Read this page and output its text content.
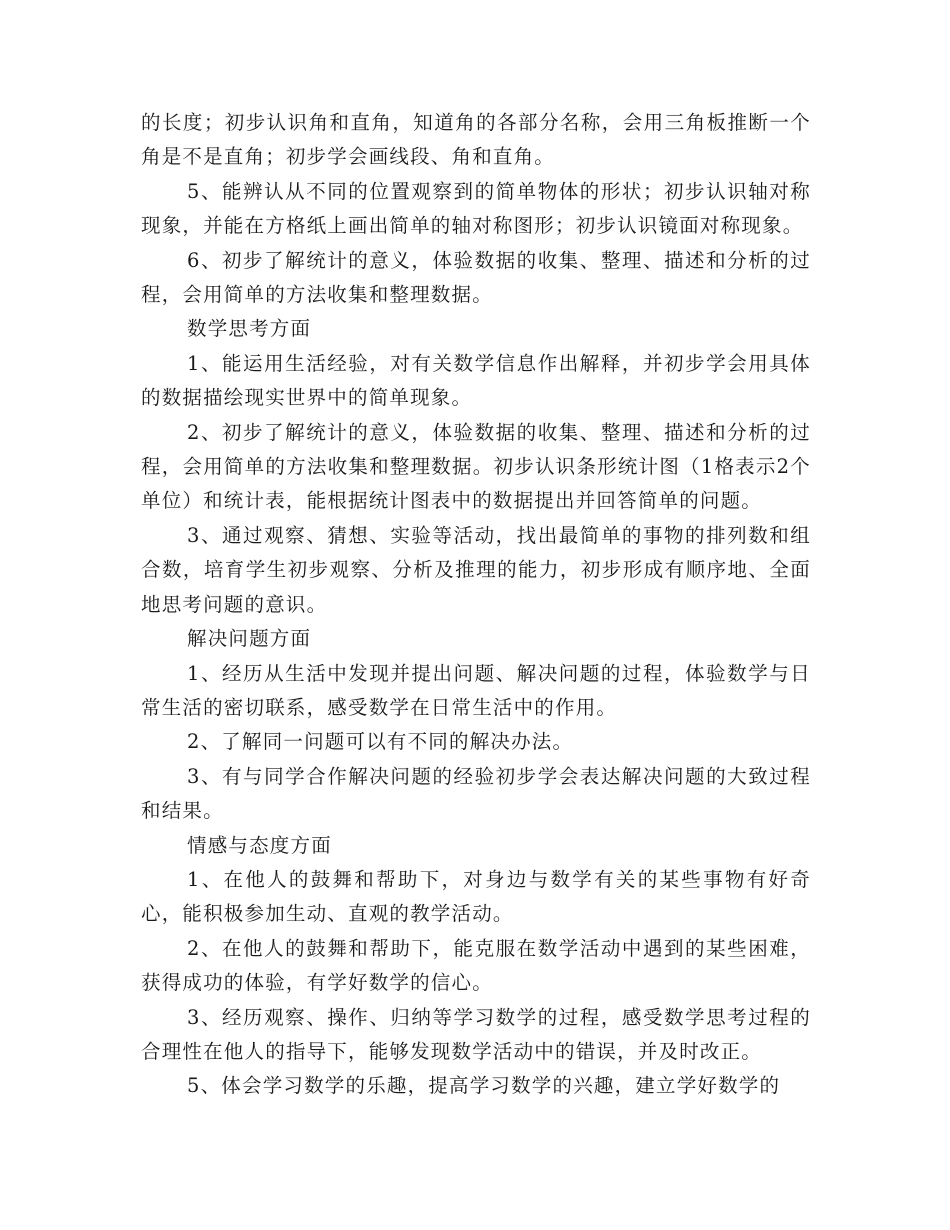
的长度；初步认识角和直角，知道角的各部分名称，会用三角板推断一个角是不是直角；初步学会画线段、角和直角。

5、能辨认从不同的位置观察到的简单物体的形状；初步认识轴对称现象，并能在方格纸上画出简单的轴对称图形；初步认识镜面对称现象。

6、初步了解统计的意义，体验数据的收集、整理、描述和分析的过程，会用简单的方法收集和整理数据。

数学思考方面

1、能运用生活经验，对有关数学信息作出解释，并初步学会用具体的数据描绘现实世界中的简单现象。

2、初步了解统计的意义，体验数据的收集、整理、描述和分析的过程，会用简单的方法收集和整理数据。初步认识条形统计图（1格表示2个单位）和统计表，能根据统计图表中的数据提出并回答简单的问题。

3、通过观察、猜想、实验等活动，找出最简单的事物的排列数和组合数，培育学生初步观察、分析及推理的能力，初步形成有顺序地、全面地思考问题的意识。

解决问题方面

1、经历从生活中发现并提出问题、解决问题的过程，体验数学与日常生活的密切联系，感受数学在日常生活中的作用。

2、了解同一问题可以有不同的解决办法。

3、有与同学合作解决问题的经验初步学会表达解决问题的大致过程和结果。

情感与态度方面

1、在他人的鼓舞和帮助下，对身边与数学有关的某些事物有好奇心，能积极参加生动、直观的教学活动。

2、在他人的鼓舞和帮助下，能克服在数学活动中遇到的某些困难，获得成功的体验，有学好数学的信心。

3、经历观察、操作、归纳等学习数学的过程，感受数学思考过程的合理性在他人的指导下，能够发现数学活动中的错误，并及时改正。

5、体会学习数学的乐趣，提高学习数学的兴趣，建立学好数学的
